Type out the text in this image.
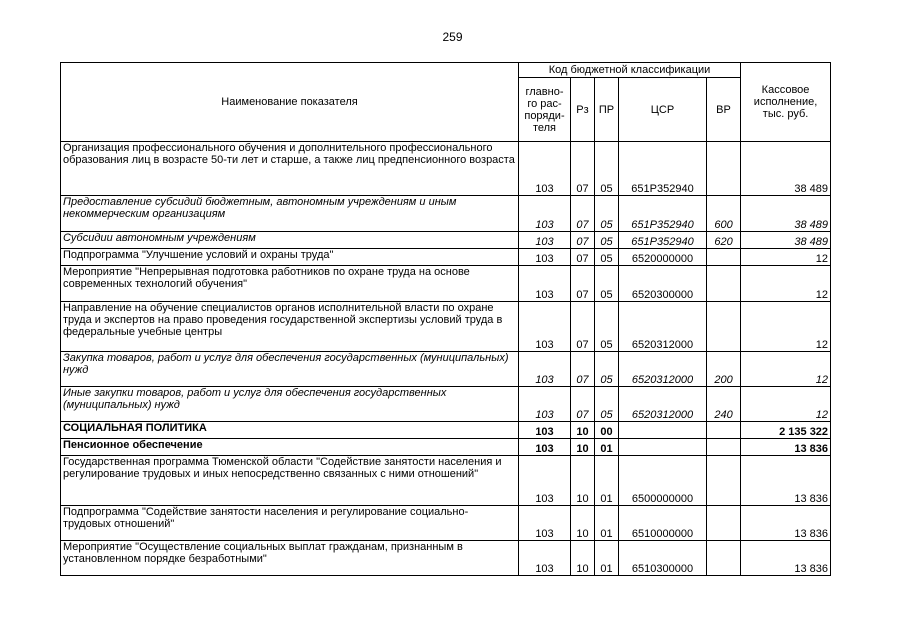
259
Наименование показателя	Код бюджетной классификации					Кассовое исполнение, тыс. руб.
	главно-го рас-поряди-теля	Рз	ПР	ЦСР	ВР	
Организация профессионального обучения и дополнительного профессионального образования лиц в возрасте 50-ти лет и старше, а также лиц предпенсионного возраста	103	07	05	651P352940		38 489
Предоставление субсидий бюджетным, автономным учреждениям и иным некоммерческим организациям	103	07	05	651P352940	600	38 489
Субсидии автономным учреждениям	103	07	05	651P352940	620	38 489
Подпрограмма "Улучшение условий и охраны труда"	103	07	05	6520000000		12
Мероприятие "Непрерывная подготовка работников по охране труда на основе современных технологий обучения"	103	07	05	6520300000		12
Направление на обучение специалистов органов исполнительной власти по охране труда и экспертов на право проведения государственной экспертизы условий труда в федеральные учебные центры	103	07	05	6520312000		12
Закупка товаров, работ и услуг для обеспечения государственных (муниципальных) нужд	103	07	05	6520312000	200	12
Иные закупки товаров, работ и услуг для обеспечения государственных (муниципальных) нужд	103	07	05	6520312000	240	12
СОЦИАЛЬНАЯ ПОЛИТИКА	103	10	00			2 135 322
Пенсионное обеспечение	103	10	01			13 836
Государственная программа Тюменской области "Содействие занятости населения и регулирование трудовых и иных непосредственно связанных с ними отношений"	103	10	01	6500000000		13 836
Подпрограмма "Содействие занятости населения и регулирование социально-трудовых отношений"	103	10	01	6510000000		13 836
Мероприятие "Осуществление социальных выплат гражданам, признанным в установленном порядке безработными"	103	10	01	6510300000		13 836
